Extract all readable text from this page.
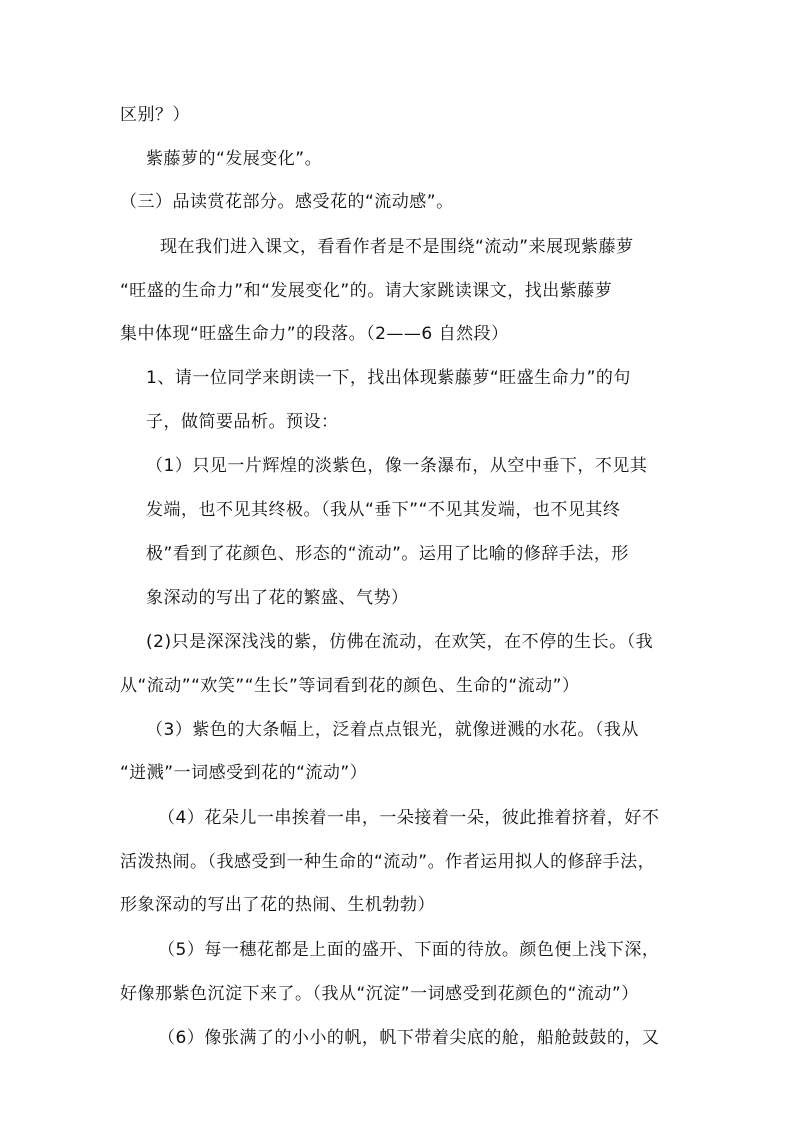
区别？）
紫藤萝的“发展变化”。
（三）品读赏花部分。感受花的“流动感”。
现在我们进入课文，看看作者是不是围绕“流动”来展现紫藤萝
“旺盛的生命力”和“发展变化”的。请大家跳读课文，找出紫藤萝
集中体现“旺盛生命力”的段落。（2——6 自然段）
1、请一位同学来朗读一下，找出体现紫藤萝“旺盛生命力”的句
子，做简要品析。预设：
（1）只见一片辉煌的淡紫色，像一条瀑布，从空中垂下，不见其
发端，也不见其终极。（我从“垂下”“不见其发端，也不见其终
极”看到了花颜色、形态的“流动”。运用了比喻的修辞手法，形
象深动的写出了花的繁盛、气势）
(2)只是深深浅浅的紫，仿佛在流动，在欢笑，在不停的生长。（我
从“流动”“欢笑”“生长”等词看到花的颜色、生命的“流动”）
（3）紫色的大条幅上，泛着点点银光，就像迸溅的水花。（我从
“迸溅”一词感受到花的“流动”）
（4）花朵儿一串挨着一串，一朵接着一朵，彼此推着挤着，好不
活泼热闹。（我感受到一种生命的“流动”。作者运用拟人的修辞手法，
形象深动的写出了花的热闹、生机勃勃）
（5）每一穗花都是上面的盛开、下面的待放。颜色便上浅下深，
好像那紫色沉淀下来了。（我从“沉淀”一词感受到花颜色的“流动”）
（6）像张满了的小小的帆，帆下带着尖底的舱，船舱鼓鼓的，又
